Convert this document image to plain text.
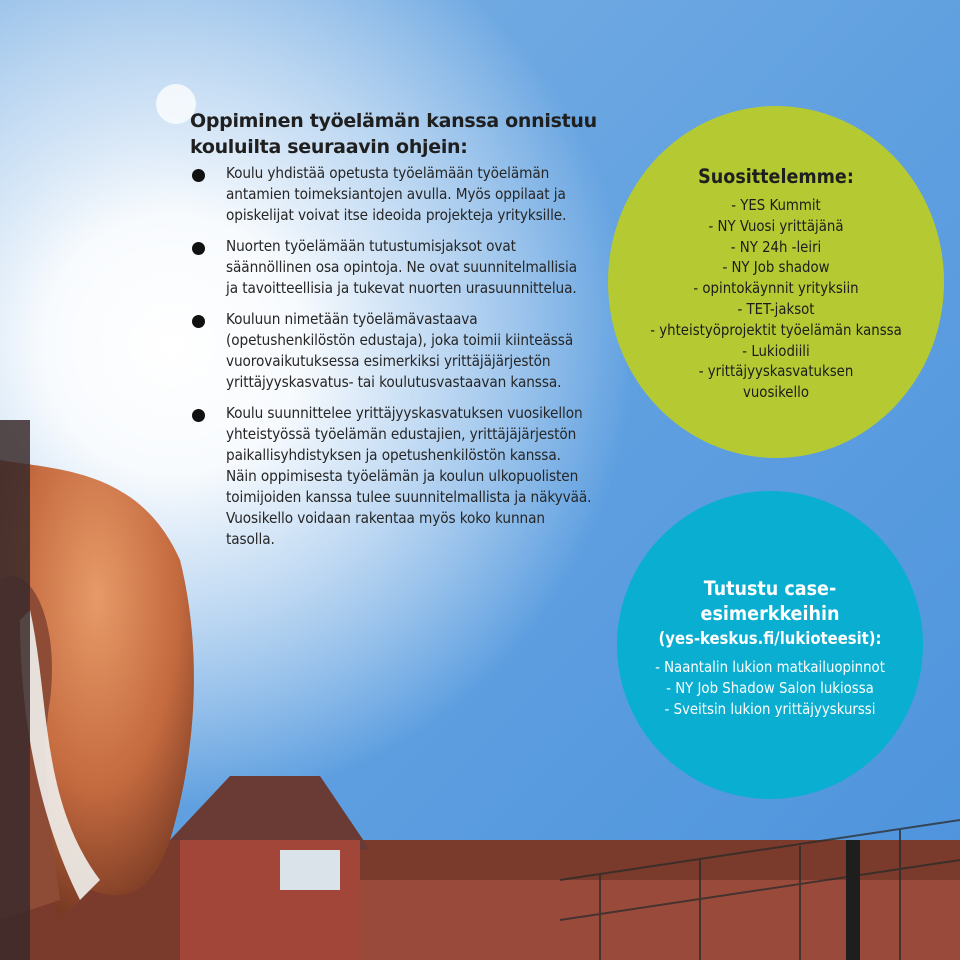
Oppiminen työelämän kanssa onnistuu
kouluilta seuraavin ohjein:
Koulu yhdistää opetusta työelämään työelämän antamien toimeksiantojen avulla. Myös oppilaat ja opiskelijat voivat itse ideoida projekteja yrityksille.
Nuorten työelämään tutustumisjaksot ovat säännöllinen osa opintoja. Ne ovat suunnitelmallisia ja tavoitteellisia ja tukevat nuorten urasuunnittelua.
Kouluun nimetään työelämävastaava (opetushenkilöstön edustaja), joka toimii kiinteässä vuorovaikutuksessa esimerkiksi yrittäjäjärjestön yrittäjyyskasvatus- tai koulutusvastaavan kanssa.
Koulu suunnittelee yrittäjyyskasvatuksen vuosikellon yhteistyössä työelämän edustajien, yrittäjäjärjestön paikallisyhdistyksen ja opetushenkilöstön kanssa. Näin oppimisesta työelämän ja koulun ulkopuolisten toimijoiden kanssa tulee suunnitelmallista ja näkyvää. Vuosikello voidaan rakentaa myös koko kunnan tasolla.
Suosittelemme:
- YES Kummit
- NY Vuosi yrittäjänä
- NY 24h -leiri
- NY Job shadow
- opintokäynnit yrityksiin
- TET-jaksot
- yhteistyöprojektit työelämän kanssa
- Lukiodiili
- yrittäjyyskasvatuksen
vuosikello
Tutustu case-
esimerkkeihin
(yes-keskus.fi/lukioteesit):
- Naantalin lukion matkailuopinnot
- NY Job Shadow Salon lukiossa
- Sveitsin lukion yrittäjyyskurssi
